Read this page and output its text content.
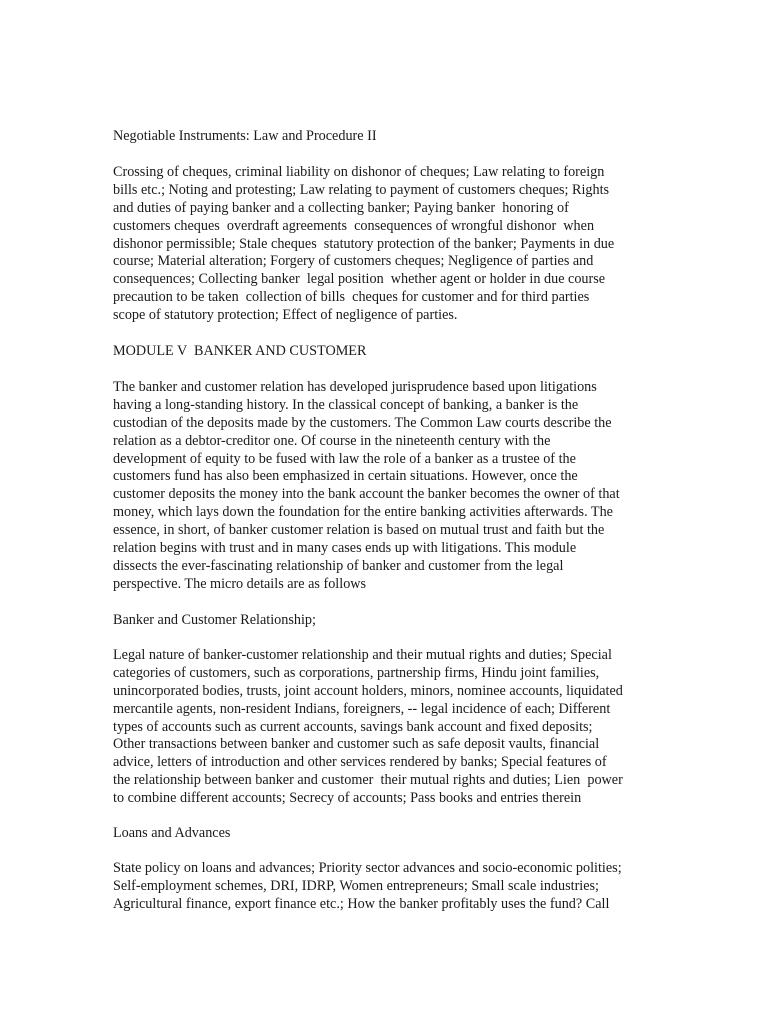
Negotiable Instruments: Law and Procedure II
Crossing of cheques, criminal liability on dishonor of cheques; Law relating to foreign
bills etc.; Noting and protesting; Law relating to payment of customers cheques; Rights
and duties of paying banker and a collecting banker; Paying banker  honoring of
customers cheques  overdraft agreements  consequences of wrongful dishonor  when
dishonor permissible; Stale cheques  statutory protection of the banker; Payments in due
course; Material alteration; Forgery of customers cheques; Negligence of parties and
consequences; Collecting banker  legal position  whether agent or holder in due course
precaution to be taken  collection of bills  cheques for customer and for third parties
scope of statutory protection; Effect of negligence of parties.
MODULE V  BANKER AND CUSTOMER
The banker and customer relation has developed jurisprudence based upon litigations
having a long-standing history. In the classical concept of banking, a banker is the
custodian of the deposits made by the customers. The Common Law courts describe the
relation as a debtor-creditor one. Of course in the nineteenth century with the
development of equity to be fused with law the role of a banker as a trustee of the
customers fund has also been emphasized in certain situations. However, once the
customer deposits the money into the bank account the banker becomes the owner of that
money, which lays down the foundation for the entire banking activities afterwards. The
essence, in short, of banker customer relation is based on mutual trust and faith but the
relation begins with trust and in many cases ends up with litigations. This module
dissects the ever-fascinating relationship of banker and customer from the legal
perspective. The micro details are as follows
Banker and Customer Relationship;
Legal nature of banker-customer relationship and their mutual rights and duties; Special
categories of customers, such as corporations, partnership firms, Hindu joint families,
unincorporated bodies, trusts, joint account holders, minors, nominee accounts, liquidated
mercantile agents, non-resident Indians, foreigners, -- legal incidence of each; Different
types of accounts such as current accounts, savings bank account and fixed deposits;
Other transactions between banker and customer such as safe deposit vaults, financial
advice, letters of introduction and other services rendered by banks; Special features of
the relationship between banker and customer  their mutual rights and duties; Lien  power
to combine different accounts; Secrecy of accounts; Pass books and entries therein
Loans and Advances
State policy on loans and advances; Priority sector advances and socio-economic polities;
Self-employment schemes, DRI, IDRP, Women entrepreneurs; Small scale industries;
Agricultural finance, export finance etc.; How the banker profitably uses the fund? Call
